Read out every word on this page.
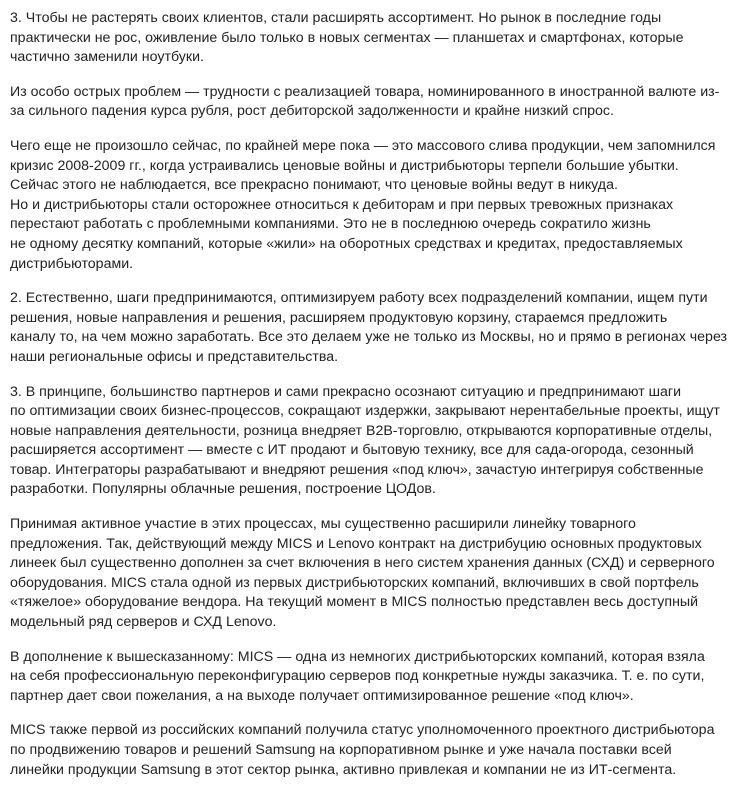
3. Чтобы не растерять своих клиентов, стали расширять ассортимент. Но рынок в последние годы
практически не рос, оживление было только в новых сегментах — планшетах и смартфонах, которые
частично заменили ноутбуки.

Из особо острых проблем — трудности с реализацией товара, номинированного в иностранной валюте из-
за сильного падения курса рубля, рост дебиторской задолженности и крайне низкий спрос.

Чего еще не произошло сейчас, по крайней мере пока — это массового слива продукции, чем запомнился
кризис 2008-2009 гг., когда устраивались ценовые войны и дистрибьюторы терпели большие убытки.
Сейчас этого не наблюдается, все прекрасно понимают, что ценовые войны ведут в никуда.
Но и дистрибьюторы стали осторожнее относиться к дебиторам и при первых тревожных признаках
перестают работать с проблемными компаниями. Это не в последнюю очередь сократило жизнь
не одному десятку компаний, которые «жили» на оборотных средствах и кредитах, предоставляемых
дистрибьюторами.

2. Естественно, шаги предпринимаются, оптимизируем работу всех подразделений компании, ищем пути
решения, новые направления и решения, расширяем продуктовую корзину, стараемся предложить
каналу то, на чем можно заработать. Все это делаем уже не только из Москвы, но и прямо в регионах через
наши региональные офисы и представительства.

3. В принципе, большинство партнеров и сами прекрасно осознают ситуацию и предпринимают шаги
по оптимизации своих бизнес-процессов, сокращают издержки, закрывают нерентабельные проекты, ищут
новые направления деятельности, розница внедряет B2B-торговлю, открываются корпоративные отделы,
расширяется ассортимент — вместе с ИТ продают и бытовую технику, все для сада-огорода, сезонный
товар. Интеграторы разрабатывают и внедряют решения «под ключ», зачастую интегрируя собственные
разработки. Популярны облачные решения, построение ЦОДов.

Принимая активное участие в этих процессах, мы существенно расширили линейку товарного
предложения. Так, действующий между MICS и Lenovo контракт на дистрибуцию основных продуктовых
линеек был существенно дополнен за счет включения в него систем хранения данных (СХД) и серверного
оборудования. MICS стала одной из первых дистрибьюторских компаний, включивших в свой портфель
«тяжелое» оборудование вендора. На текущий момент в MICS полностью представлен весь доступный
модельный ряд серверов и СХД Lenovo.

В дополнение к вышесказанному: MICS — одна из немногих дистрибьюторских компаний, которая взяла
на себя профессиональную переконфигурацию серверов под конкретные нужды заказчика. Т. е. по сути,
партнер дает свои пожелания, а на выходе получает оптимизированное решение «под ключ».

MICS также первой из российских компаний получила статус уполномоченного проектного дистрибьютора
по продвижению товаров и решений Samsung на корпоративном рынке и уже начала поставки всей
линейки продукции Samsung в этот сектор рынка, активно привлекая и компании не из ИТ-сегмента.
